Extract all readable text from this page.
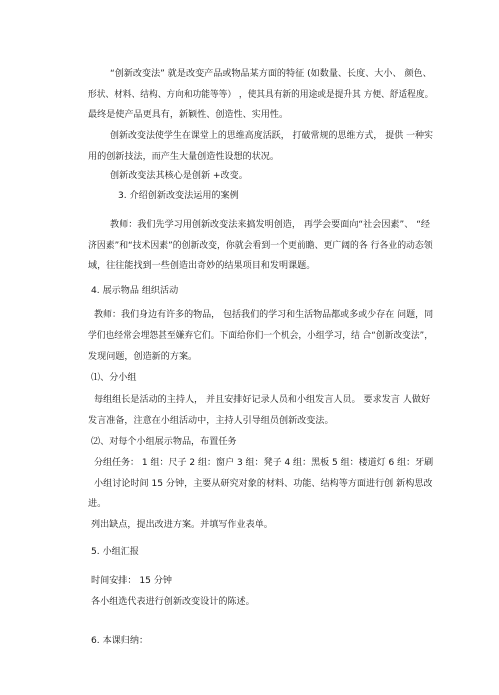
“创新改变法” 就是改变产品或物品某方面的特征 (如数量、长度、大小、 颜色、
形状、材料、结构、方向和功能等等） ，使其具有新的用途或是提升其 方便、舒适程度。
最终是使产品更具有，新颖性、创造性、实用性。
创新改变法使学生在课堂上的思维高度活跃， 打破常规的思维方式， 提供 一种实
用的创新技法，而产生大量创造性设想的状况。
创新改变法其核心是创新 +改变。
3. 介绍创新改变法运用的案例
教师：我们先学习用创新改变法来搞发明创造， 再学会要面向“社会因素”、 “经
济因素”和“技术因素”的创新改变，你就会看到一个更前瞻、更广阔的各 行各业的动态领
域，往往能找到一些创造出奇妙的结果项目和发明课题。
4. 展示物品 组织活动
教师：我们身边有许多的物品， 包括我们的学习和生活物品都或多或少存在 问题，同
学们也经常会埋怨甚至嫌弃它们。下面给你们一个机会，小组学习，结 合“创新改变法”，
发现问题，创造新的方案。
⑴、分小组
每组组长是活动的主持人， 并且安排好记录人员和小组发言人员。 要求发言 人做好
发言准备，注意在小组活动中，主持人引导组员创新改变法。
⑵、对每个小组展示物品，布置任务
分组任务： 1 组：尺子 2 组：窗户 3 组：凳子 4 组：黑板 5 组：楼道灯 6 组：牙刷
小组讨论时间 15 分钟，主要从研究对象的材料、功能、结构等方面进行创 新构思改
进。
列出缺点，提出改进方案。并填写作业表单。
5. 小组汇报
时间安排： 15 分钟
各小组选代表进行创新改变设计的陈述。
6. 本课归纳：
